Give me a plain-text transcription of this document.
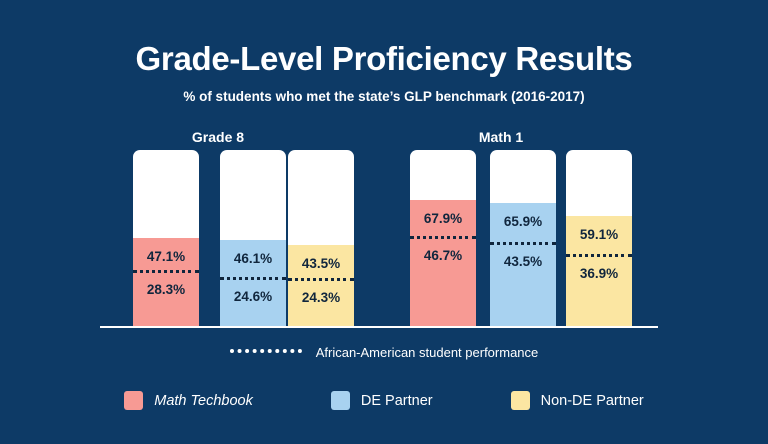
Grade-Level Proficiency Results
% of students who met the state’s GLP benchmark (2016-2017)
Grade 8	Math 1
47.1%
28.3%
46.1%
24.6%
43.5%
24.3%
67.9%
46.7%
65.9%
43.5%
59.1%
36.9%
African-American student performance
Math Techbook	DE Partner	Non-DE Partner
